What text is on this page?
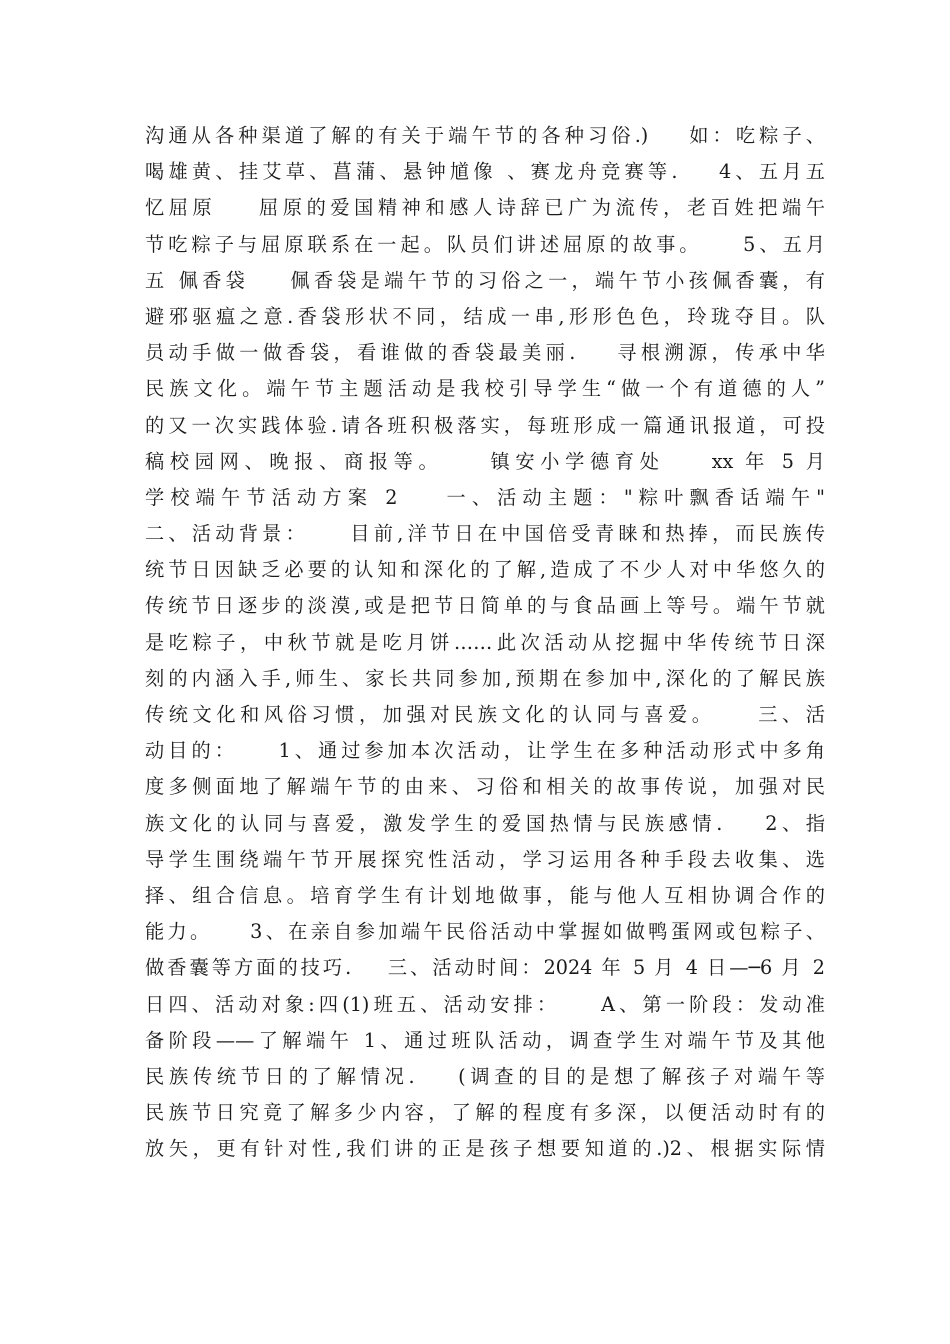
沟通从各种渠道了解的有关于端午节的各种习俗.)    如：吃粽子、
喝雄黄、挂艾草、菖蒲、悬钟馗像 、赛龙舟竞赛等.    4、五月五
忆屈原    屈原的爱国精神和感人诗辞已广为流传，老百姓把端午
节吃粽子与屈原联系在一起。队员们讲述屈原的故事。    5、五月
五 佩香袋    佩香袋是端午节的习俗之一，端午节小孩佩香囊，有
避邪驱瘟之意.香袋形状不同，结成一串,形形色色，玲珑夺目。队
员动手做一做香袋，看谁做的香袋最美丽.    寻根溯源，传承中华
民族文化。端午节主题活动是我校引导学生“做一个有道德的人”
的又一次实践体验.请各班积极落实，每班形成一篇通讯报道，可投
稿校园网、晚报、商报等。    镇安小学德育处    xx 年 5 月
学校端午节活动方案 2    一、活动主题："粽叶飘香话端午"
二、活动背景：    目前,洋节日在中国倍受青睐和热捧，而民族传
统节日因缺乏必要的认知和深化的了解,造成了不少人对中华悠久的
传统节日逐步的淡漠,或是把节日简单的与食品画上等号。端午节就
是吃粽子，中秋节就是吃月饼……此次活动从挖掘中华传统节日深
刻的内涵入手,师生、家长共同参加,预期在参加中,深化的了解民族
传统文化和风俗习惯，加强对民族文化的认同与喜爱。    三、活
动目的：    1、通过参加本次活动，让学生在多种活动形式中多角
度多侧面地了解端午节的由来、习俗和相关的故事传说，加强对民
族文化的认同与喜爱，激发学生的爱国热情与民族感情.    2、指
导学生围绕端午节开展探究性活动，学习运用各种手段去收集、选
择、组合信息。培育学生有计划地做事，能与他人互相协调合作的
能力。    3、在亲自参加端午民俗活动中掌握如做鸭蛋网或包粽子、
做香囊等方面的技巧.    三、活动时间：2024 年 5 月 4 日—─6 月 2
日四、活动对象:四(1)班五、活动安排：    A、第一阶段：发动准
备阶段——了解端午 1、通过班队活动，调查学生对端午节及其他
民族传统节日的了解情况.    (调查的目的是想了解孩子对端午等
民族节日究竟了解多少内容，了解的程度有多深，以便活动时有的
放矢，更有针对性,我们讲的正是孩子想要知道的.)2、根据实际情
